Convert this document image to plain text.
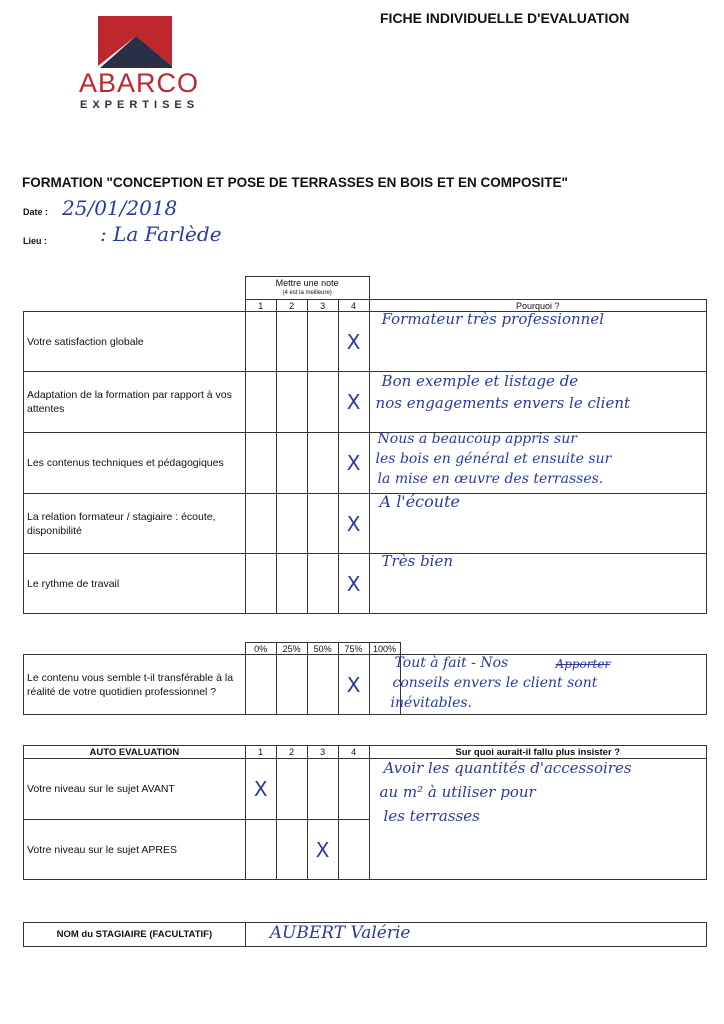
ABARCO
EXPERTISES
FICHE INDIVIDUELLE D'EVALUATION
FORMATION "CONCEPTION ET POSE DE TERRASSES EN BOIS ET EN COMPOSITE"
Date : 25/01/2018
Lieu :	: La Farlède

	Mettre une note
(4 est la meilleure)				

	1	2	3	4	Pourquoi ?
Votre satisfaction globale				X	Formateur très professionnel

Adaptation de la formation par rapport à vos attentes				X	Bon exemple et listage de
nos engagements envers le client

Les contenus techniques et pédagogiques				X	Nous a beaucoup appris sur
les bois en général et ensuite sur
la mise en œuvre des terrasses.

La relation formateur / stagiaire : écoute, disponibilité				X	A l'écoute

Le rythme de travail				X	Très bien
	0%	25%	50%	75%	100%	
Le contenu vous semble t-il transférable à la réalité de votre quotidien professionnel ?				X		Tout à fait - Nos Apporter
conseils envers le client sont
inévitables.
AUTO EVALUATION	1	2	3	4	Sur quoi aurait-il fallu plus insister ?
Votre niveau sur le sujet AVANT	X				Avoir les quantités d'accessoires
au m² à utiliser pour
les terrasses

Votre niveau sur le sujet APRES			X		
NOM du STAGIAIRE (FACULTATIF)	AUBERT Valérie
